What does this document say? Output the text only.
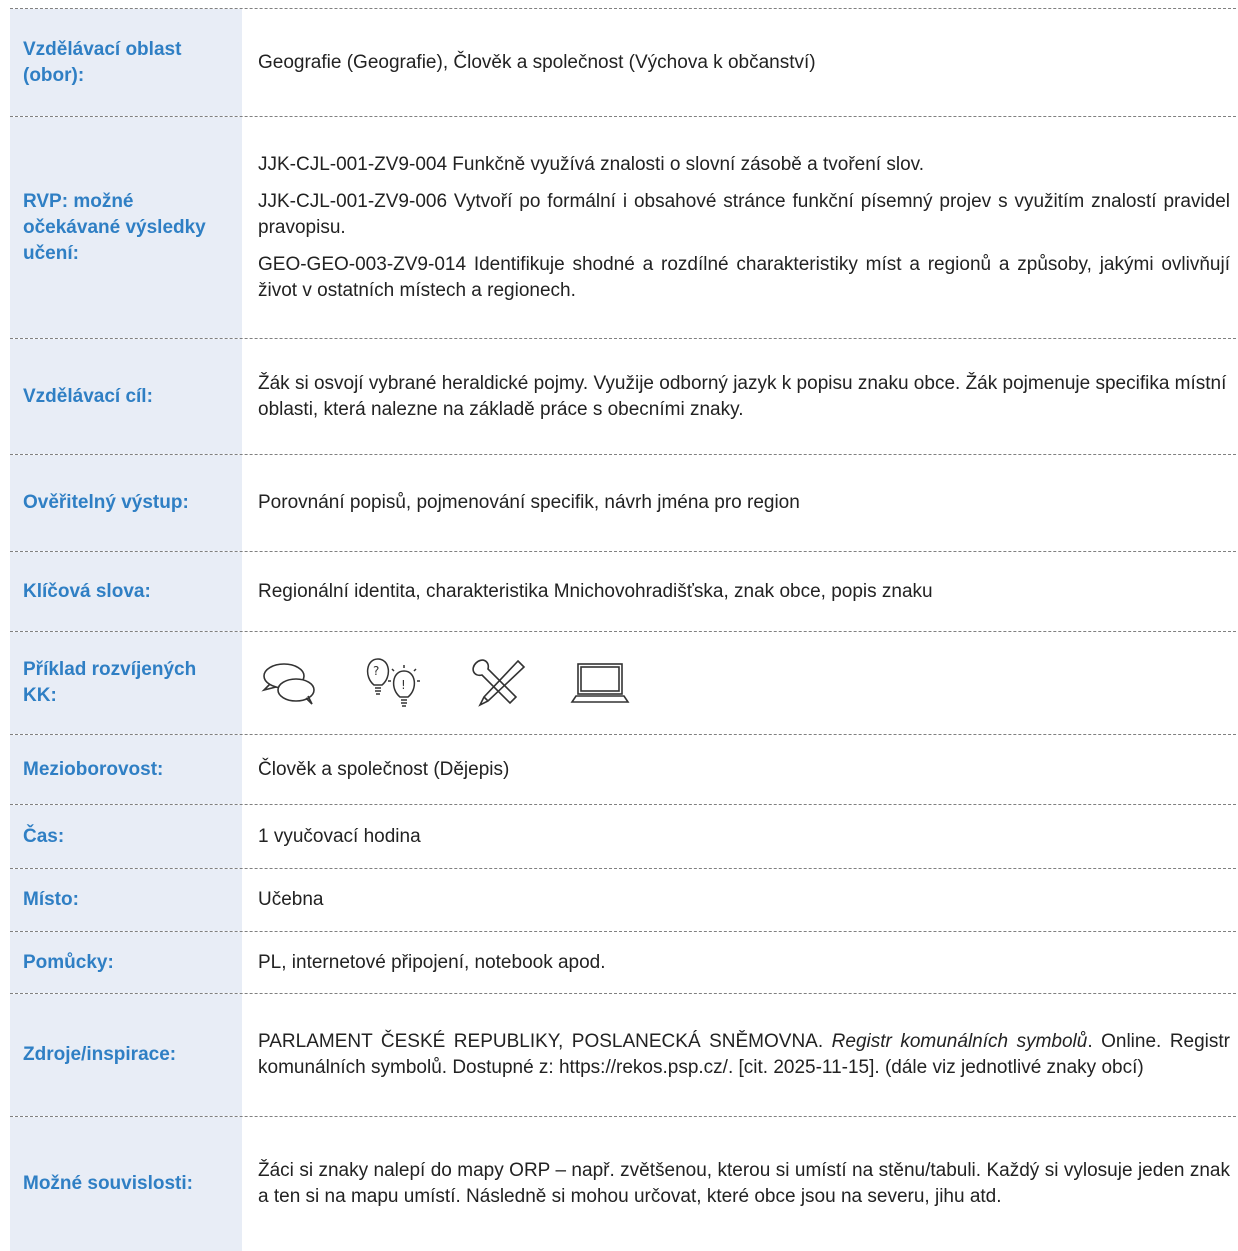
Vzdělávací oblast (obor):

Geografie (Geografie), Člověk a společnost (Výchova k občanství)

RVP: možné očekávané výsledky učení:

JJK-CJL-001-ZV9-004 Funkčně využívá znalosti o slovní zásobě a tvoření slov.

JJK-CJL-001-ZV9-006 Vytvoří po formální i obsahové stránce funkční písemný projev s využitím znalostí pravidel pravopisu.

GEO-GEO-003-ZV9-014 Identifikuje shodné a rozdílné charakteristiky míst a regionů a způsoby, jakými ovlivňují život v ostatních místech a regionech.

Vzdělávací cíl:

Žák si osvojí vybrané heraldické pojmy. Využije odborný jazyk k popisu znaku obce. Žák pojmenuje specifika místní oblasti, která nalezne na základě práce s obecními znaky.

Ověřitelný výstup:	Porovnání popisů, pojmenování specifik, návrh jména pro region

Klíčová slova:	Regionální identita, charakteristika Mnichovohradišťska, znak obce, popis znaku

Příklad rozvíjených KK:
?
!
Mezioborovost:	Člověk a společnost (Dějepis)

Čas:	1 vyučovací hodina

Místo:	Učebna

Pomůcky:	PL, internetové připojení, notebook apod.

Zdroje/inspirace:

PARLAMENT ČESKÉ REPUBLIKY, POSLANECKÁ SNĚMOVNA. Registr komunálních symbolů. Online. Registr komunálních symbolů. Dostupné z: https://rekos.psp.cz/. [cit. 2025-11-15]. (dále viz jednotlivé znaky obcí)

Možné souvislosti:

Žáci si znaky nalepí do mapy ORP – např. zvětšenou, kterou si umístí na stěnu/tabuli. Každý si vylosuje jeden znak a ten si na mapu umístí. Následně si mohou určovat, které obce jsou na severu, jihu atd.
